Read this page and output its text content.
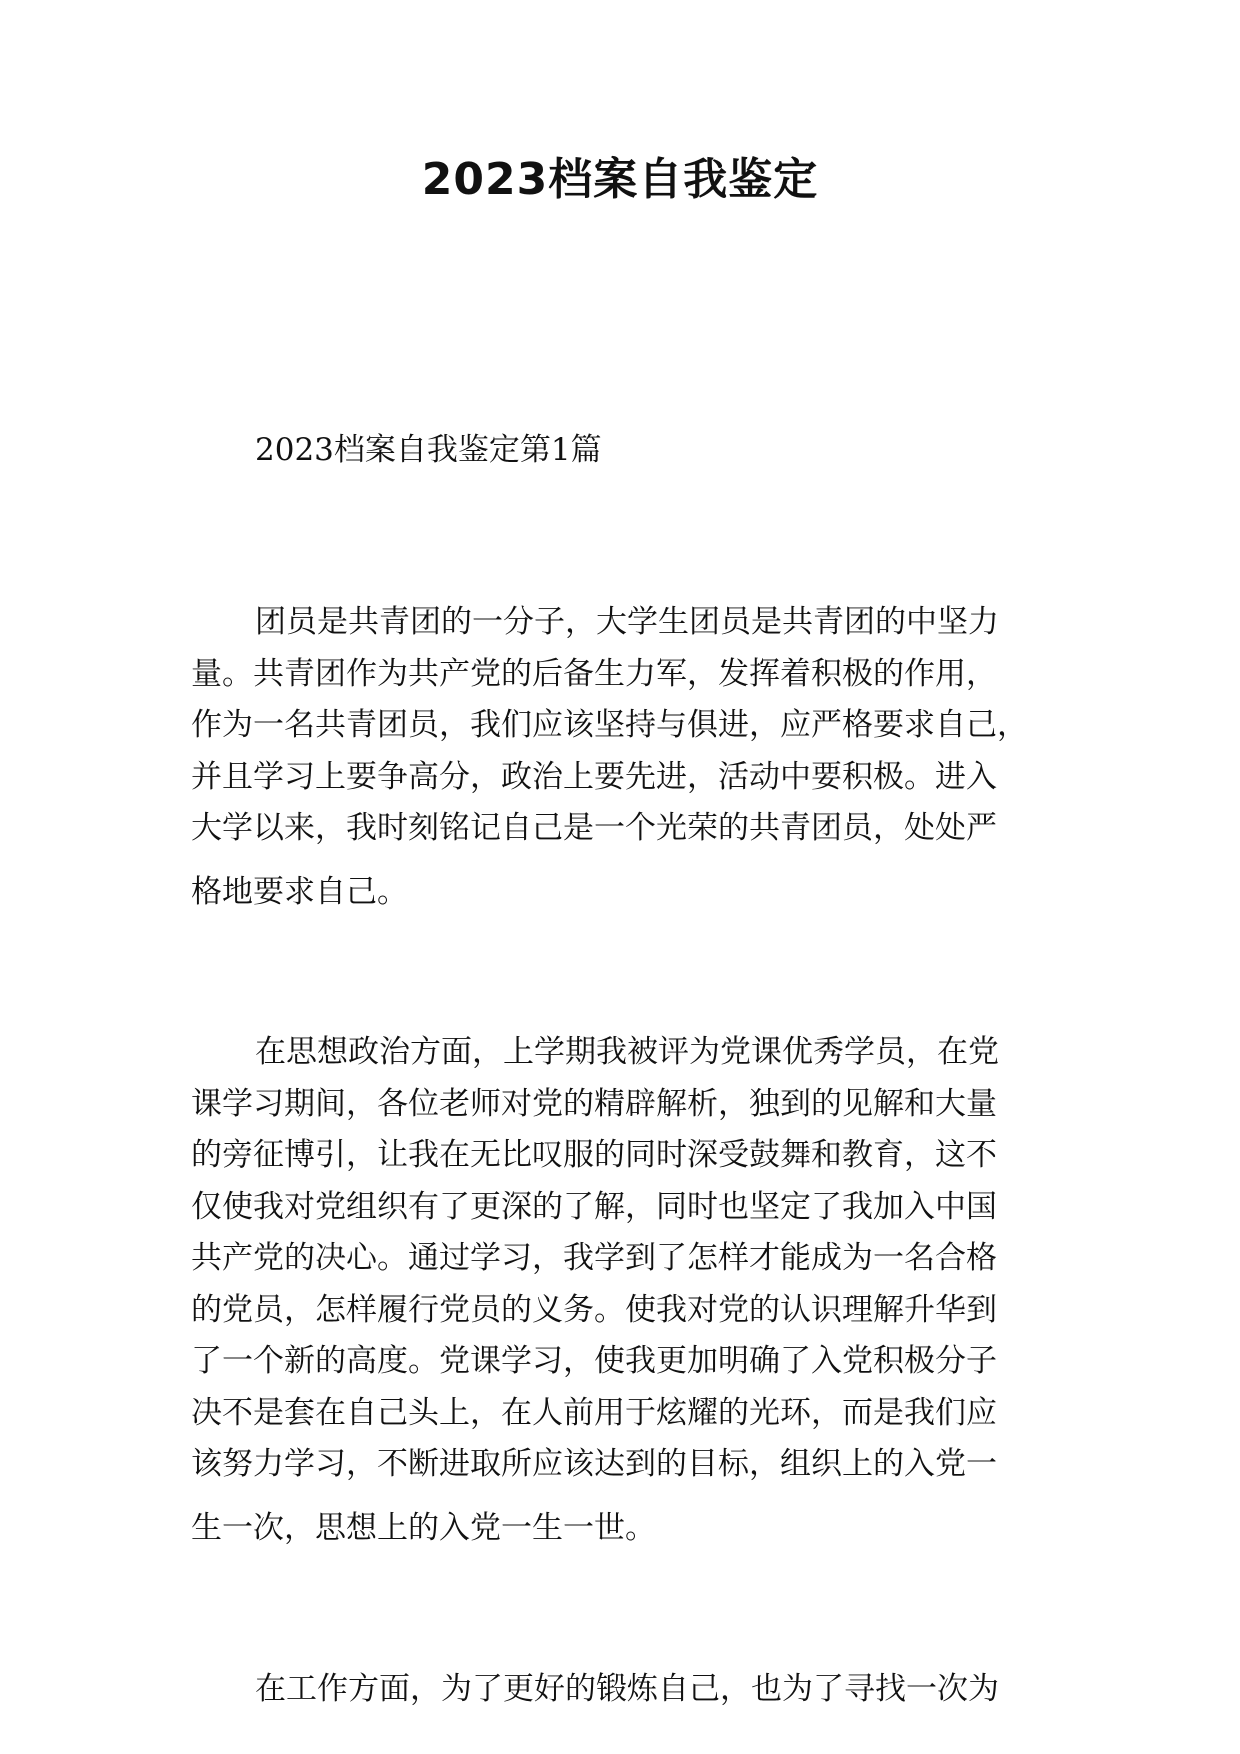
2023档案自我鉴定

2023档案自我鉴定第1篇

团员是共青团的一分子，大学生团员是共青团的中坚力
量。共青团作为共产党的后备生力军，发挥着积极的作用，
作为一名共青团员，我们应该坚持与俱进，应严格要求自己，
并且学习上要争高分，政治上要先进，活动中要积极。进入
大学以来，我时刻铭记自己是一个光荣的共青团员，处处严
格地要求自己。

在思想政治方面，上学期我被评为党课优秀学员，在党
课学习期间，各位老师对党的精辟解析，独到的见解和大量
的旁征博引，让我在无比叹服的同时深受鼓舞和教育，这不
仅使我对党组织有了更深的了解，同时也坚定了我加入中国
共产党的决心。通过学习，我学到了怎样才能成为一名合格
的党员，怎样履行党员的义务。使我对党的认识理解升华到
了一个新的高度。党课学习，使我更加明确了入党积极分子
决不是套在自己头上，在人前用于炫耀的光环，而是我们应
该努力学习，不断进取所应该达到的目标，组织上的入党一
生一次，思想上的入党一生一世。

在工作方面，为了更好的锻炼自己，也为了寻找一次为
